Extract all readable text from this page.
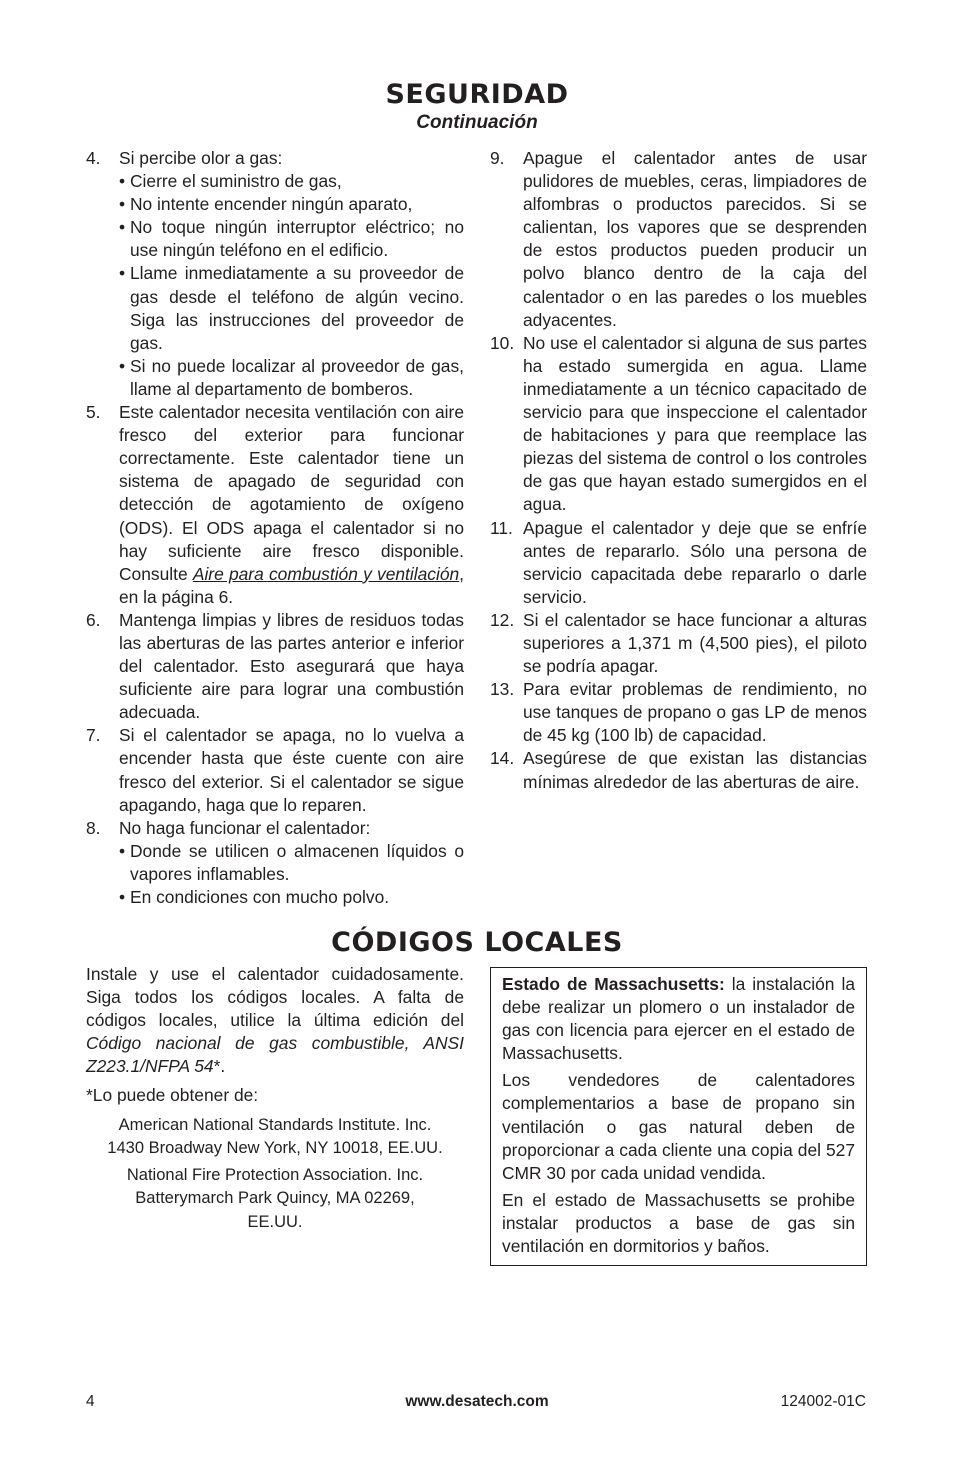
SEGURIDAD
Continuación
4.	Si percibe olor a gas:
• Cierre el suministro de gas,
• No intente encender ningún aparato,
• No toque ningún interruptor eléctrico; no use ningún teléfono en el edificio.
• Llame inmediatamente a su proveedor de gas desde el teléfono de algún vecino. Siga las instrucciones del proveedor de gas.
• Si no puede localizar al proveedor de gas, llame al departamento de bomberos.
5.	Este calentador necesita ventilación con aire fresco del exterior para funcionar correctamente. Este calentador tiene un sistema de apagado de seguridad con detección de agotamiento de oxígeno (ODS). El ODS apaga el calentador si no hay suficiente aire fresco disponible. Consulte Aire para combustión y ventilación, en la página 6.
6.	Mantenga limpias y libres de residuos todas las aberturas de las partes anterior e inferior del calentador. Esto asegurará que haya suficiente aire para lograr una combustión adecuada.
7.	Si el calentador se apaga, no lo vuelva a encender hasta que éste cuente con aire fresco del exterior. Si el calentador se sigue apagando, haga que lo reparen.
8.	No haga funcionar el calentador:
• Donde se utilicen o almacenen líquidos o vapores inflamables.
• En condiciones con mucho polvo.
9.	Apague el calentador antes de usar pulidores de muebles, ceras, limpiadores de alfombras o productos parecidos. Si se calientan, los vapores que se desprenden de estos productos pueden producir un polvo blanco dentro de la caja del calentador o en las paredes o los muebles adyacentes.
10. No use el calentador si alguna de sus partes ha estado sumergida en agua. Llame inmediatamente a un técnico capacitado de servicio para que inspeccione el calentador de habitaciones y para que reemplace las piezas del sistema de control o los controles de gas que hayan estado sumergidos en el agua.
11. Apague el calentador y deje que se enfríe antes de repararlo. Sólo una persona de servicio capacitada debe repararlo o darle servicio.
12. Si el calentador se hace funcionar a alturas superiores a 1,371 m (4,500 pies), el piloto se podría apagar.
13. Para evitar problemas de rendimiento, no use tanques de propano o gas LP de menos de 45 kg (100 lb) de capacidad.
14. Asegúrese de que existan las distancias mínimas alrededor de las aberturas de aire.
CÓDIGOS LOCALES

Instale y use el calentador cuidadosamente. Siga todos los códigos locales. A falta de códigos locales, utilice la última edición del Código nacional de gas combustible, ANSI Z223.1/NFPA 54*.

*Lo puede obtener de:

American National Standards Institute. Inc.
1430 Broadway New York, NY 10018, EE.UU.
National Fire Protection Association. Inc.
Batterymarch Park Quincy, MA 02269,
EE.UU.

Estado de Massachusetts: la instalación la debe realizar un plomero o un instalador de gas con licencia para ejercer en el estado de Massachusetts.

Los vendedores de calentadores complementarios a base de propano sin ventilación o gas natural deben de proporcionar a cada cliente una copia del 527 CMR 30 por cada unidad vendida.

En el estado de Massachusetts se prohibe instalar productos a base de gas sin ventilación en dormitorios y baños.

4	www.desatech.com	124002-01C
